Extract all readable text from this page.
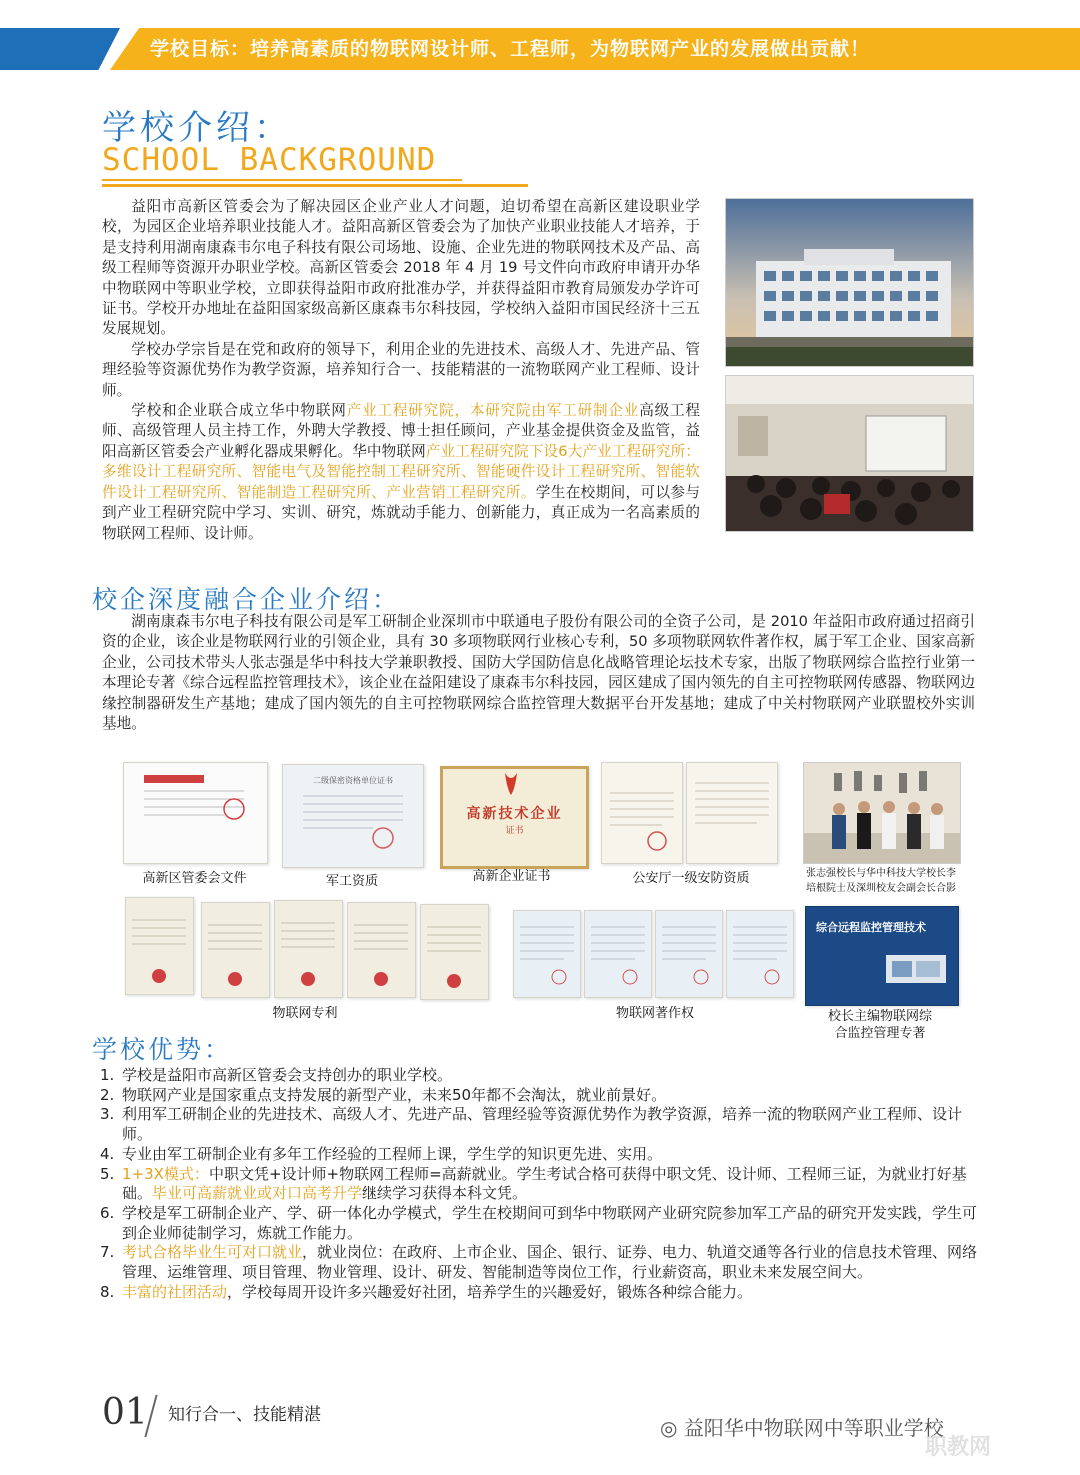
学校目标：培养高素质的物联网设计师、工程师，为物联网产业的发展做出贡献！
学校介绍：
SCHOOL BACKGROUND

益阳市高新区管委会为了解决园区企业产业人才问题，迫切希望在高新区建设职业学校，为园区企业培养职业技能人才。益阳高新区管委会为了加快产业职业技能人才培养，于是支持利用湖南康森韦尔电子科技有限公司场地、设施、企业先进的物联网技术及产品、高级工程师等资源开办职业学校。高新区管委会 2018 年 4 月 19 号文件向市政府申请开办华中物联网中等职业学校，立即获得益阳市政府批准办学，并获得益阳市教育局颁发办学许可证书。学校开办地址在益阳国家级高新区康森韦尔科技园，学校纳入益阳市国民经济十三五发展规划。

学校办学宗旨是在党和政府的领导下，利用企业的先进技术、高级人才、先进产品、管理经验等资源优势作为教学资源，培养知行合一、技能精湛的一流物联网产业工程师、设计师。

学校和企业联合成立华中物联网产业工程研究院，本研究院由军工研制企业高级工程师、高级管理人员主持工作，外聘大学教授、博士担任顾问，产业基金提供资金及监管，益阳高新区管委会产业孵化器成果孵化。华中物联网产业工程研究院下设6大产业工程研究所：多维设计工程研究所、智能电气及智能控制工程研究所、智能硬件设计工程研究所、智能软件设计工程研究所、智能制造工程研究所、产业营销工程研究所。学生在校期间，可以参与到产业工程研究院中学习、实训、研究，炼就动手能力、创新能力，真正成为一名高素质的物联网工程师、设计师。

校企深度融合企业介绍：

湖南康森韦尔电子科技有限公司是军工研制企业深圳市中联通电子股份有限公司的全资子公司，是 2010 年益阳市政府通过招商引资的企业，该企业是物联网行业的引领企业，具有 30 多项物联网行业核心专利，50 多项物联网软件著作权，属于军工企业、国家高新企业，公司技术带头人张志强是华中科技大学兼职教授、国防大学国防信息化战略管理论坛技术专家，出版了物联网综合监控行业第一本理论专著《综合远程监控管理技术》，该企业在益阳建设了康森韦尔科技园，园区建成了国内领先的自主可控物联网传感器、物联网边缘控制器研发生产基地；建成了国内领先的自主可控物联网综合监控管理大数据平台开发基地；建成了中关村物联网产业联盟校外实训基地。

高新区管委会文件
二级保密资格单位证书
军工资质
高新技术企业
证书
高新企业证书	公安厅一级安防资质	张志强校长与华中科技大学校长李
培根院士及深圳校友会副会长合影
物联网专利	物联网著作权
综合远程监控管理技术
校长主编物联网综
合监控管理专著
学校优势：
1. 学校是益阳市高新区管委会支持创办的职业学校。
2. 物联网产业是国家重点支持发展的新型产业，未来50年都不会淘汰，就业前景好。
3. 利用军工研制企业的先进技术、高级人才、先进产品、管理经验等资源优势作为教学资源，培养一流的物联网产业工程师、设计师。
4. 专业由军工研制企业有多年工作经验的工程师上课，学生学的知识更先进、实用。
5. 1+3X模式：中职文凭+设计师+物联网工程师=高薪就业。学生考试合格可获得中职文凭、设计师、工程师三证，为就业打好基础。毕业可高薪就业或对口高考升学继续学习获得本科文凭。
6. 学校是军工研制企业产、学、研一体化办学模式，学生在校期间可到华中物联网产业研究院参加军工产品的研究开发实践，学生可到企业师徒制学习，炼就工作能力。
7. 考试合格毕业生可对口就业，就业岗位：在政府、上市企业、国企、银行、证券、电力、轨道交通等各行业的信息技术管理、网络管理、运维管理、项目管理、物业管理、设计、研发、智能制造等岗位工作，行业薪资高，职业未来发展空间大。
8. 丰富的社团活动，学校每周开设许多兴趣爱好社团，培养学生的兴趣爱好，锻炼各种综合能力。
01 知行合一、技能精湛
◎ 益阳华中物联网中等职业学校
职教网
